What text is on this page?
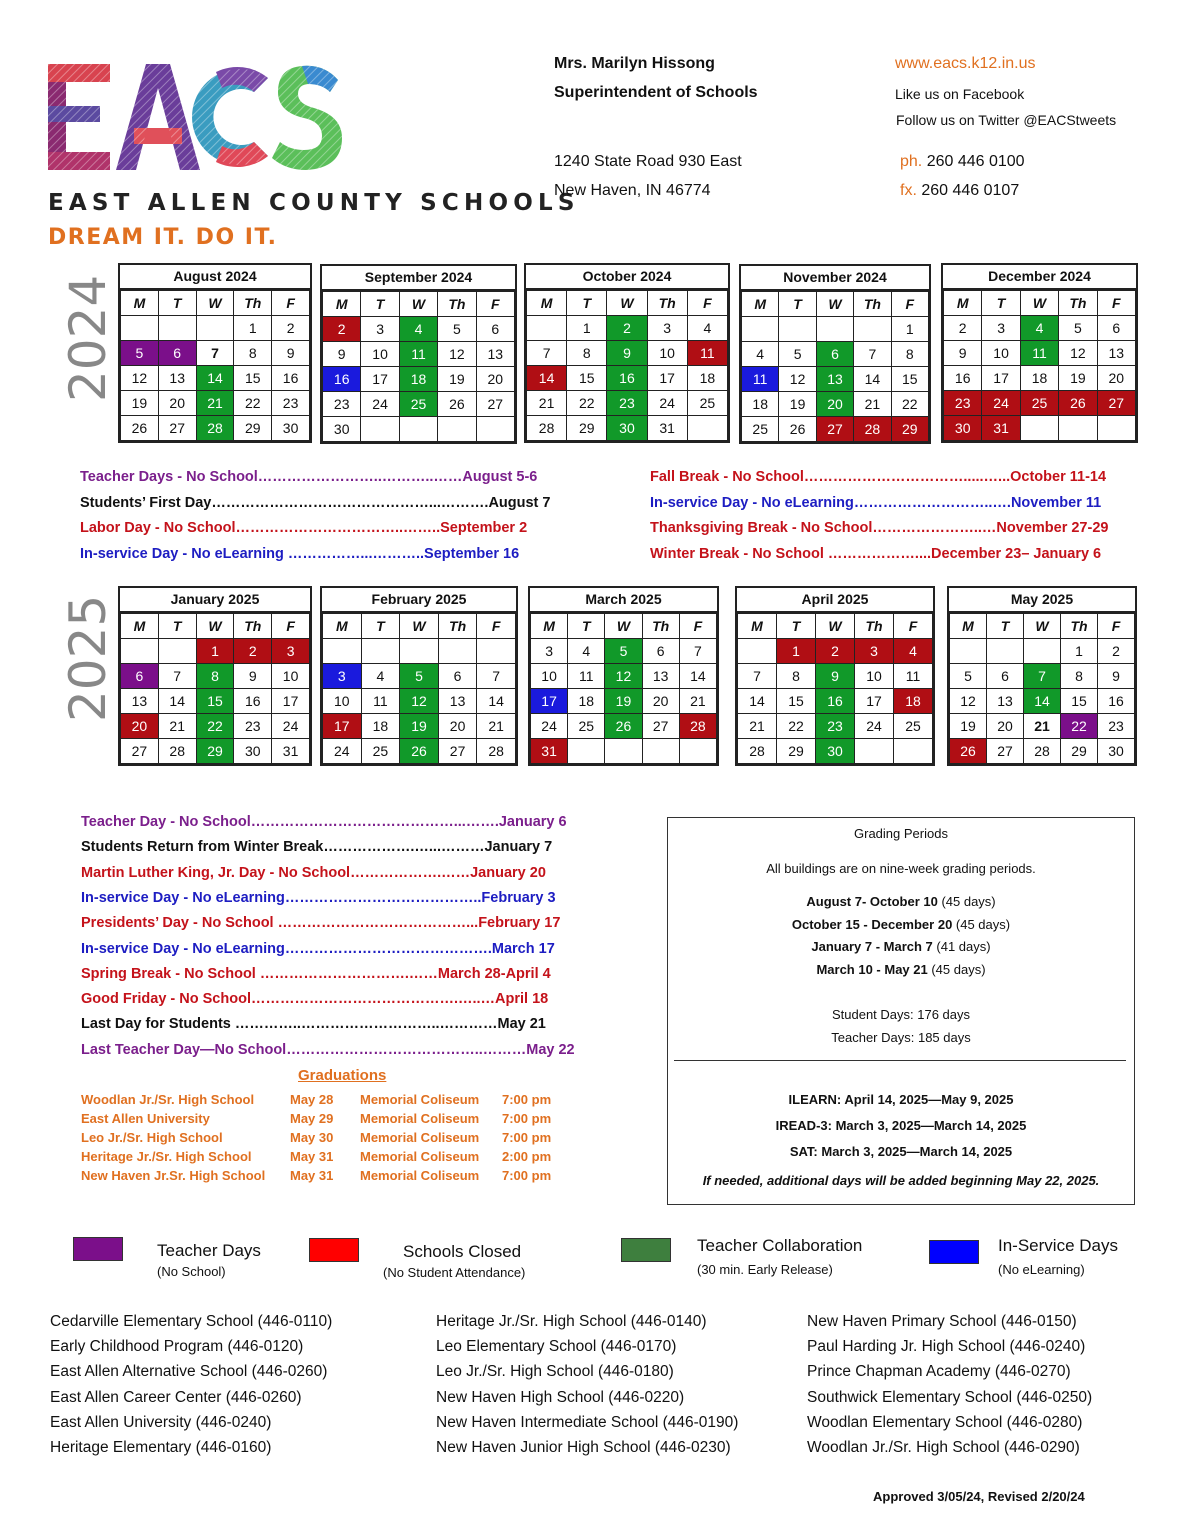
EAST ALLEN COUNTY SCHOOLS
DREAM IT. DO IT.
Mrs. Marilyn Hissong
Superintendent of Schools
1240 State Road 930 East
New Haven, IN 46774
www.eacs.k12.in.us
Like us on Facebook
Follow us on Twitter @EACStweets
ph. 260 446 0100
fx. 260 446 0107
2024
2025
August 2024
M	T	W	Th	F
			1	2
5	6	7	8	9
12	13	14	15	16
19	20	21	22	23
26	27	28	29	30
September 2024
M	T	W	Th	F
2	3	4	5	6
9	10	11	12	13
16	17	18	19	20
23	24	25	26	27
30				
October 2024
M	T	W	Th	F
	1	2	3	4
7	8	9	10	11
14	15	16	17	18
21	22	23	24	25
28	29	30	31	
November 2024
M	T	W	Th	F
				1
4	5	6	7	8
11	12	13	14	15
18	19	20	21	22
25	26	27	28	29
December 2024
M	T	W	Th	F
2	3	4	5	6
9	10	11	12	13
16	17	18	19	20
23	24	25	26	27
30	31			
January 2025
M	T	W	Th	F
		1	2	3
6	7	8	9	10
13	14	15	16	17
20	21	22	23	24
27	28	29	30	31
February 2025
M	T	W	Th	F

3	4	5	6	7
10	11	12	13	14
17	18	19	20	21
24	25	26	27	28
March 2025
M	T	W	Th	F
3	4	5	6	7
10	11	12	13	14
17	18	19	20	21
24	25	26	27	28
31				
April 2025
M	T	W	Th	F
	1	2	3	4
7	8	9	10	11
14	15	16	17	18
21	22	23	24	25
28	29	30		
May 2025
M	T	W	Th	F
			1	2
5	6	7	8	9
12	13	14	15	16
19	20	21	22	23
26	27	28	29	30
Teacher Days - No School……………………..………..……August 5-6
Students’ First Day………………………………………...……….August 7
Labor Day - No School……………………………..……..September 2
In-service Day - No eLearning ……………...………..September 16
Fall Break - No School…………………………….....…...October 11-14
In-service Day - No eLearning………………………..….November 11
Thanksgiving Break - No School…………………..…November 27-29
Winter Break - No School ………………....December 23– January 6
Teacher Day - No School……………………………………...…….January 6
Students Return from Winter Break……………….…...………January 7
Martin Luther King, Jr. Day - No School……………….……January 20
In-service Day - No eLearning…………………………………..February 3
Presidents’ Day - No School …………………………………...February 17
In-service Day - No eLearning…………………………………….March 17
Spring Break - No School ………………………….……March 28-April 4
Good Friday - No School…………………………………….…..…April 18
Last Day for Students …………..………………………..…………May 21
Last Teacher Day—No School…………………………………..………May 22
Graduations
Woodlan Jr./Sr. High School	May 28 Memorial Coliseum 7:00 pm
East Allen University	May 29 Memorial Coliseum 7:00 pm
Leo Jr./Sr. High School	May 30 Memorial Coliseum 7:00 pm
Heritage Jr./Sr. High School	May 31 Memorial Coliseum 2:00 pm
New Haven Jr.Sr. High School May 31 Memorial Coliseum 7:00 pm
Grading Periods
All buildings are on nine-week grading periods.
August 7- October 10 (45 days)
October 15 - December 20 (45 days)
January 7 - March 7 (41 days)
March 10 - May 21 (45 days)
Student Days: 176 days
Teacher Days: 185 days
ILEARN: April 14, 2025—May 9, 2025
IREAD-3: March 3, 2025—March 14, 2025
SAT: March 3, 2025—March 14, 2025
If needed, additional days will be added beginning May 22, 2025.
Teacher Days
(No School)
Schools Closed
(No Student Attendance)
Teacher Collaboration
(30 min. Early Release)
In-Service Days
(No eLearning)
Cedarville Elementary School (446-0110)
Early Childhood Program (446-0120)
East Allen Alternative School (446-0260)
East Allen Career Center (446-0260)
East Allen University (446-0240)
Heritage Elementary (446-0160)
Heritage Jr./Sr. High School (446-0140)
Leo Elementary School (446-0170)
Leo Jr./Sr. High School (446-0180)
New Haven High School (446-0220)
New Haven Intermediate School (446-0190)
New Haven Junior High School (446-0230)
New Haven Primary School (446-0150)
Paul Harding Jr. High School (446-0240)
Prince Chapman Academy (446-0270)
Southwick Elementary School (446-0250)
Woodlan Elementary School (446-0280)
Woodlan Jr./Sr. High School (446-0290)
Approved 3/05/24, Revised 2/20/24
